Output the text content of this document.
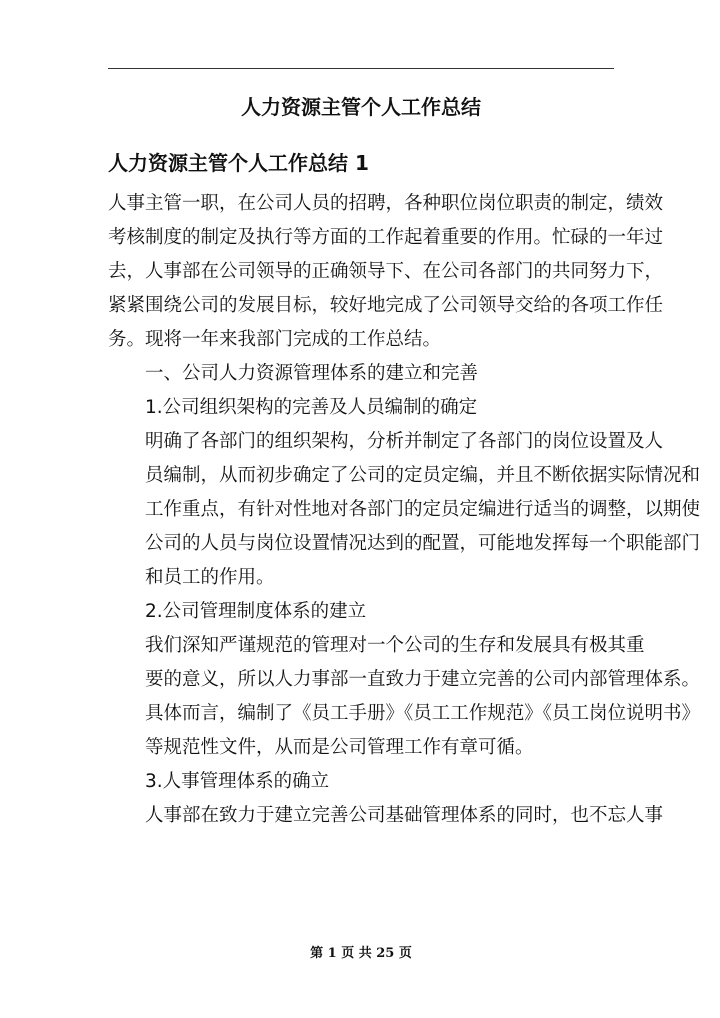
人力资源主管个人工作总结
人力资源主管个人工作总结 1

人事主管一职，在公司人员的招聘，各种职位岗位职责的制定，绩效
考核制度的制定及执行等方面的工作起着重要的作用。忙碌的一年过
去，人事部在公司领导的正确领导下、在公司各部门的共同努力下，
紧紧围绕公司的发展目标，较好地完成了公司领导交给的各项工作任
务。现将一年来我部门完成的工作总结。

一、公司人力资源管理体系的建立和完善

1.公司组织架构的完善及人员编制的确定

明确了各部门的组织架构，分析并制定了各部门的岗位设置及人
员编制，从而初步确定了公司的定员定编，并且不断依据实际情况和
工作重点，有针对性地对各部门的定员定编进行适当的调整，以期使
公司的人员与岗位设置情况达到的配置，可能地发挥每一个职能部门
和员工的作用。

2.公司管理制度体系的建立

我们深知严谨规范的管理对一个公司的生存和发展具有极其重
要的意义，所以人力事部一直致力于建立完善的公司内部管理体系。
具体而言，编制了《员工手册》《员工工作规范》《员工岗位说明书》
等规范性文件，从而是公司管理工作有章可循。

3.人事管理体系的确立

人事部在致力于建立完善公司基础管理体系的同时，也不忘人事

第 1 页 共 25 页
